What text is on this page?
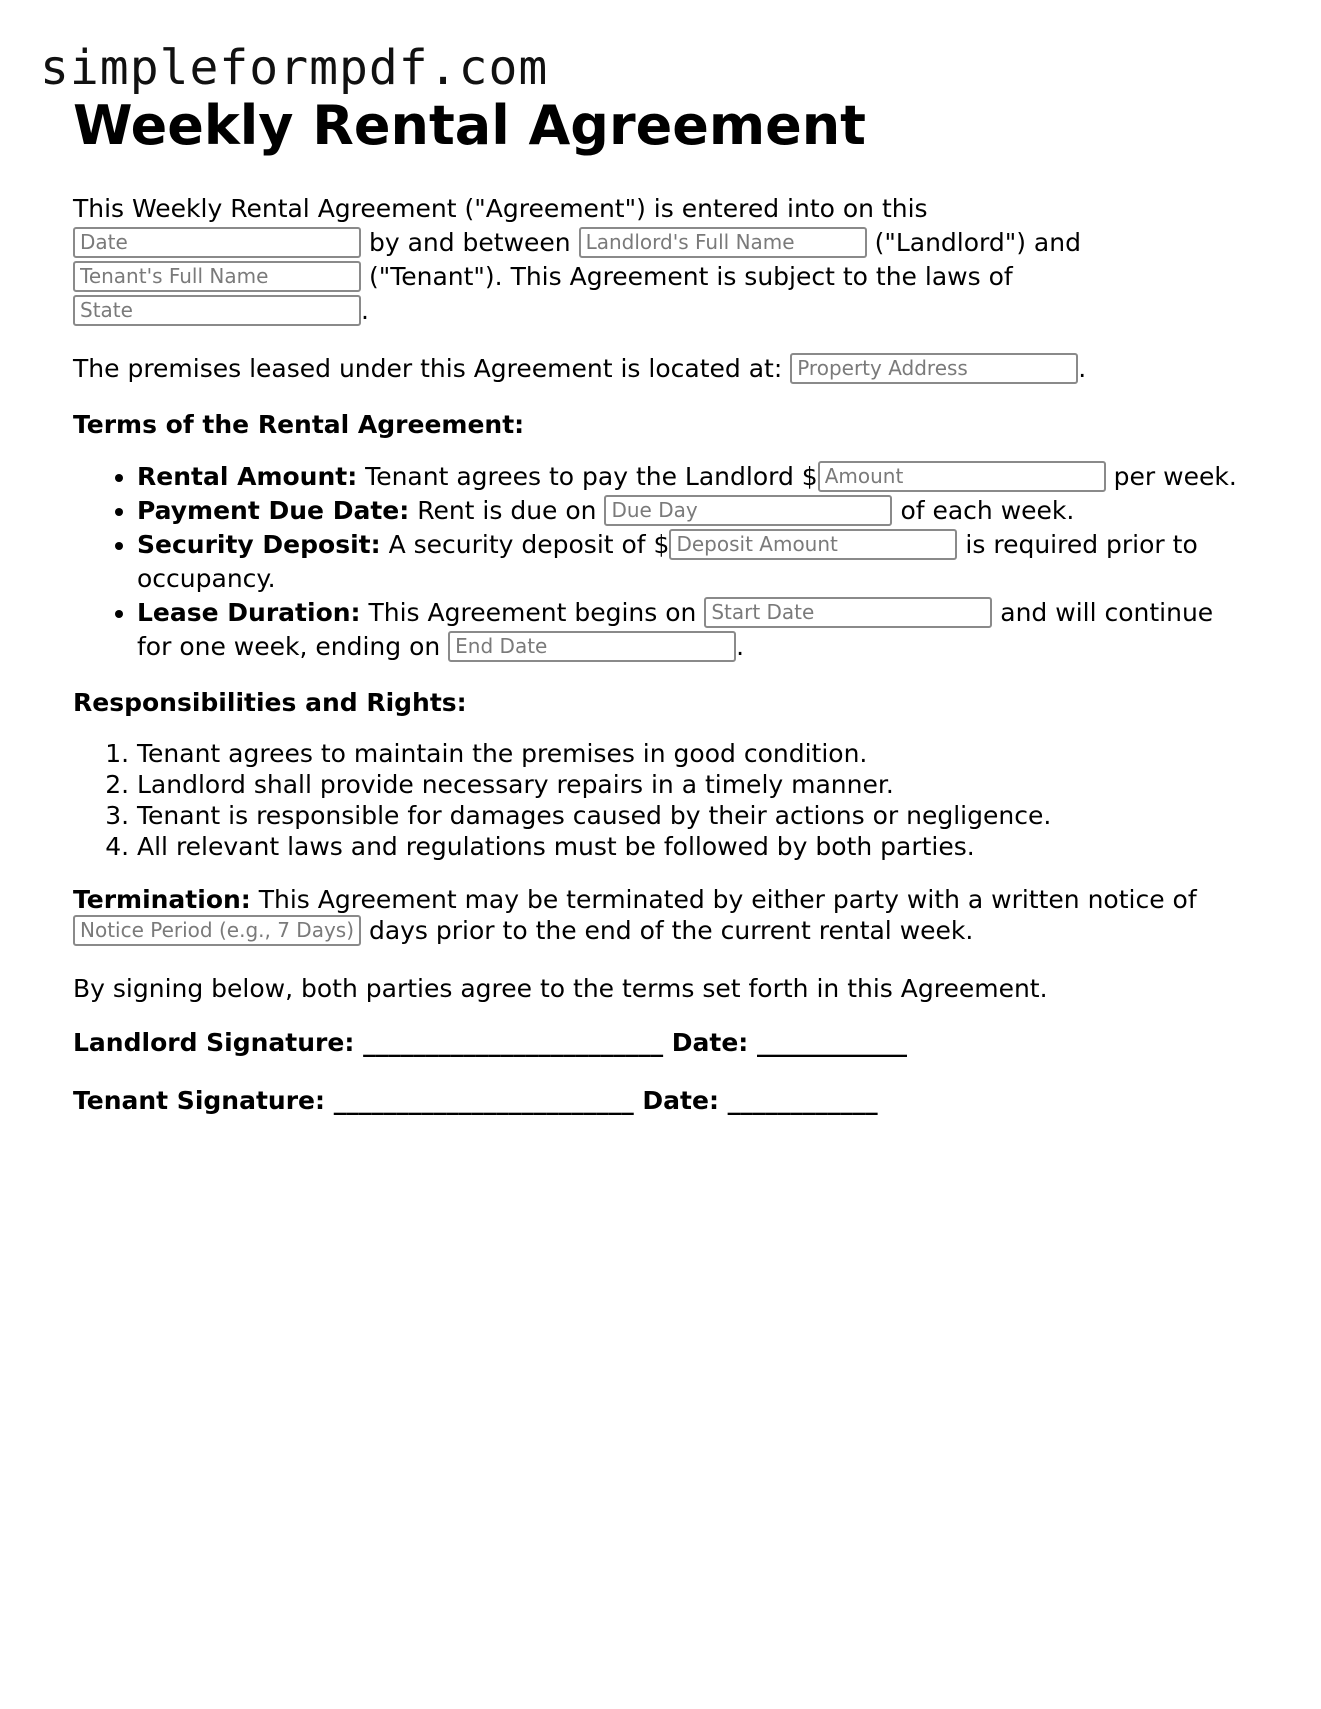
simpleformpdf.com

Weekly Rental Agreement

This Weekly Rental Agreement ("Agreement") is entered into on this
Date by and between Landlord's Full Name	("Landlord") and
Tenant's Full Name ("Tenant"). This Agreement is subject to the laws of
State.

The premises leased under this Agreement is located at: Property Address	.

Terms of the Rental Agreement:
• Rental Amount: Tenant agrees to pay the Landlord $Amount	per week.
• Payment Due Date: Rent is due on Due Day	of each week.
• Security Deposit: A security deposit of $Deposit Amount	is required prior to occupancy.
• Lease Duration: This Agreement begins on Start Date	and will continue for one week, ending on End Date	.
Responsibilities and Rights:
1. Tenant agrees to maintain the premises in good condition.
2. Landlord shall provide necessary repairs in a timely manner.
3. Tenant is responsible for damages caused by their actions or negligence.
4. All relevant laws and regulations must be followed by both parties.

Termination: This Agreement may be terminated by either party with a written notice of
Notice Period (e.g., 7 Days) days prior to the end of the current rental week.

By signing below, both parties agree to the terms set forth in this Agreement.

Landlord Signature: ________________________ Date: ____________

Tenant Signature: ________________________ Date: ____________
